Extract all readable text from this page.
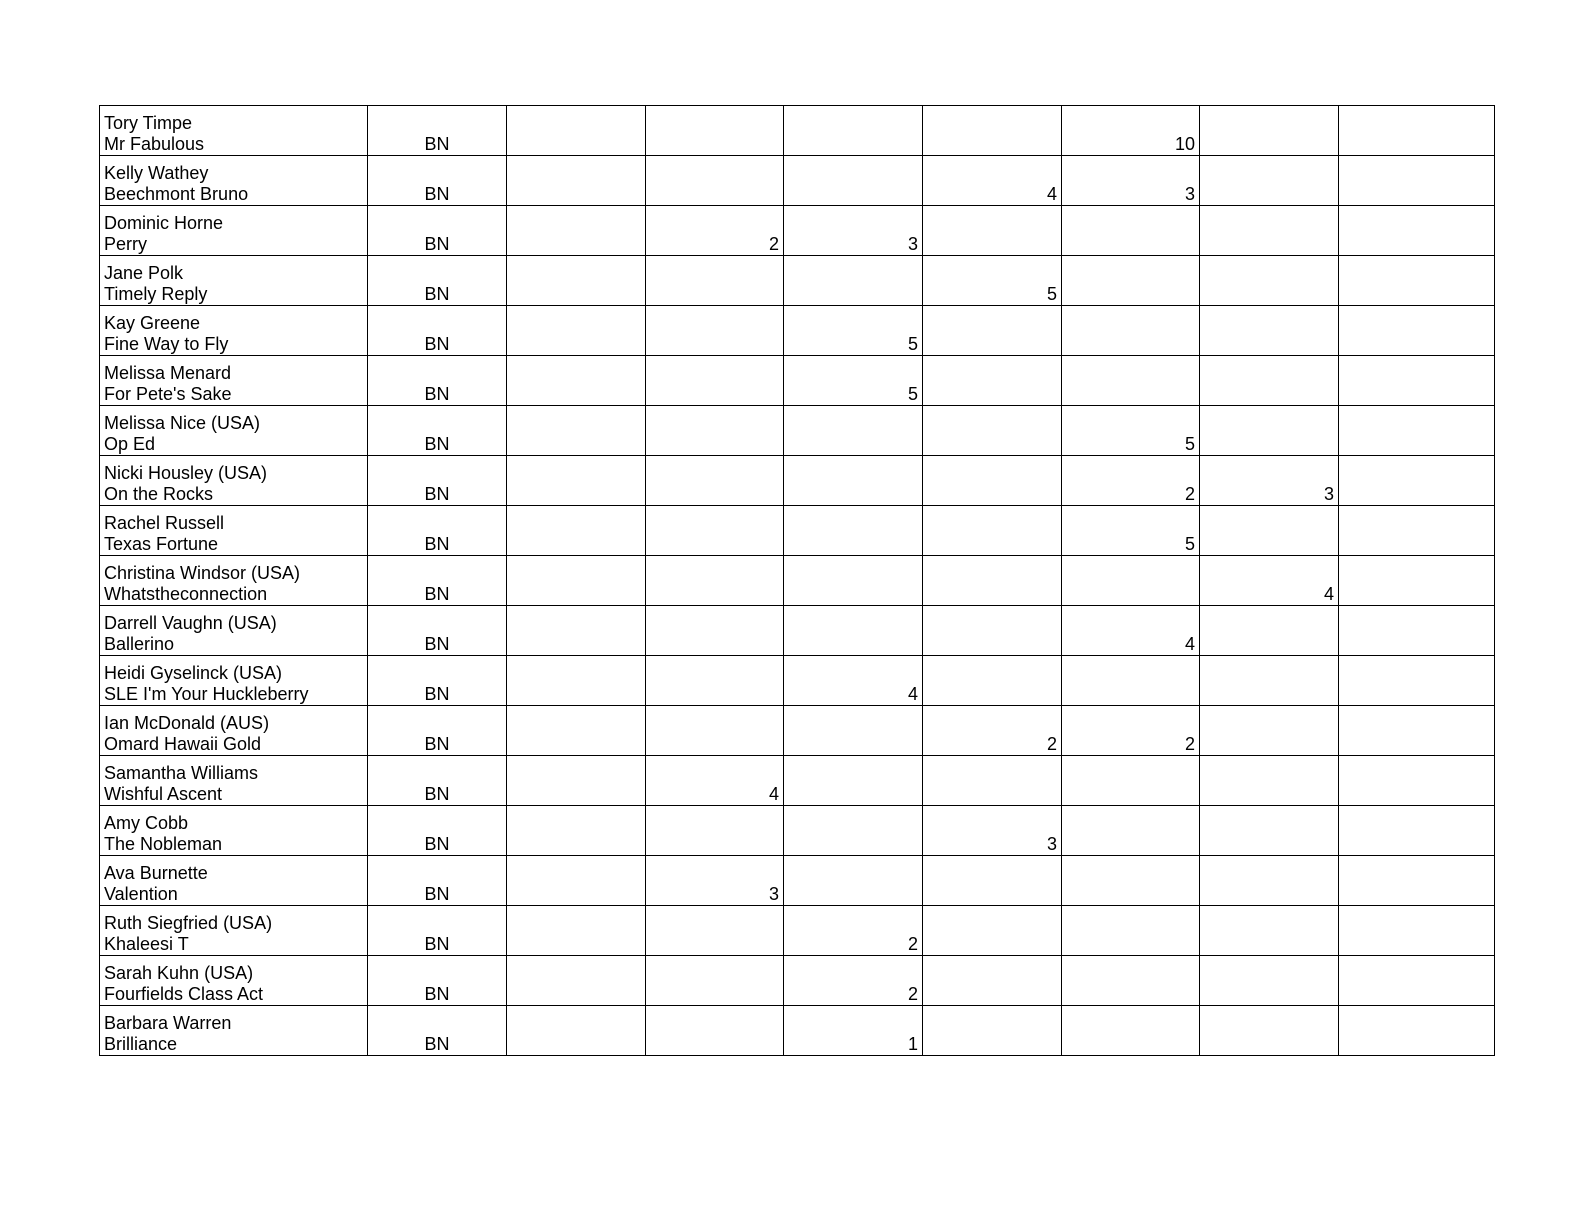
Tory Timpe
Mr Fabulous	BN					10			

Kelly Wathey
Beechmont Bruno	BN				4	3			

Dominic Horne
Perry	BN		2	3					

Jane Polk
Timely Reply	BN				5				

Kay Greene
Fine Way to Fly	BN			5					

Melissa Menard
For Pete's Sake	BN			5					

Melissa Nice (USA)
Op Ed	BN					5			

Nicki Housley (USA)
On the Rocks	BN					2	3		

Rachel Russell
Texas Fortune	BN					5			

Christina Windsor (USA)
Whatstheconnection	BN						4		

Darrell Vaughn (USA)
Ballerino	BN					4			

Heidi Gyselinck (USA)
SLE I'm Your Huckleberry	BN			4					

Ian McDonald (AUS)
Omard Hawaii Gold	BN				2	2			

Samantha Williams
Wishful Ascent	BN		4						

Amy Cobb
The Nobleman	BN				3				

Ava Burnette
Valention	BN		3						

Ruth Siegfried (USA)
Khaleesi T	BN			2					

Sarah Kuhn (USA)
Fourfields Class Act	BN			2					

Barbara Warren
Brilliance	BN			1					
